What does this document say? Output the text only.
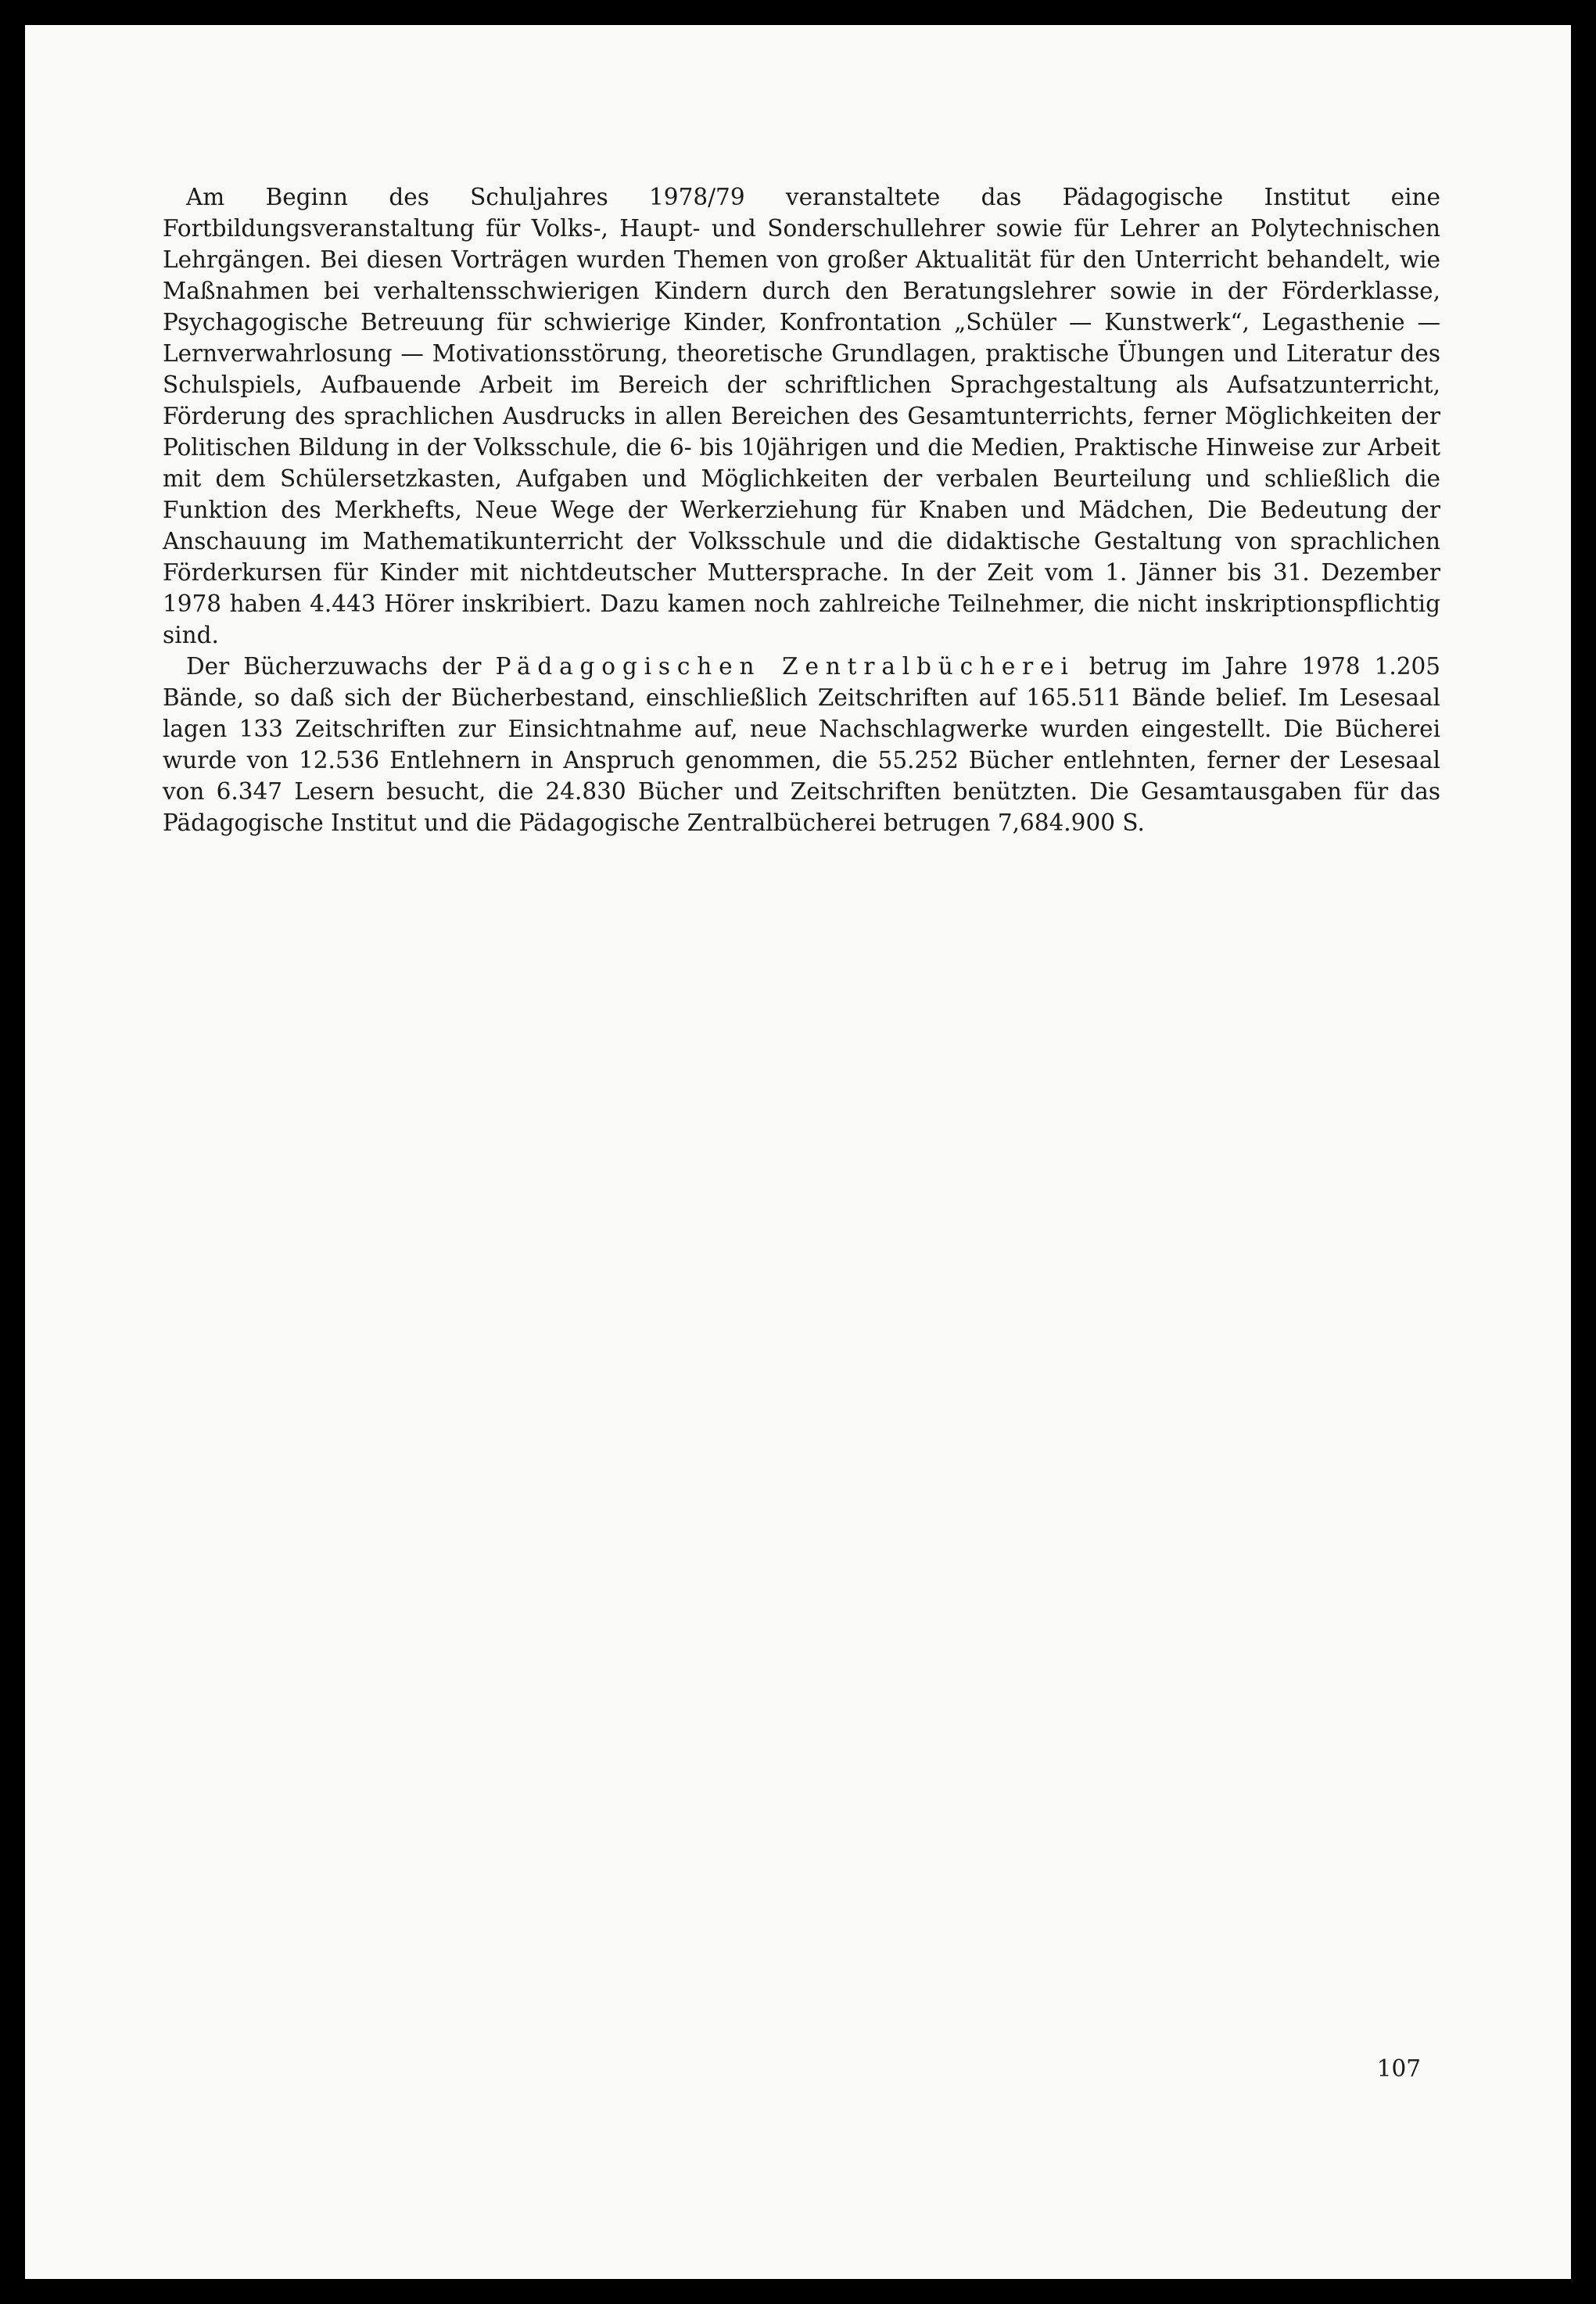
Am Beginn des Schuljahres 1978/79 veranstaltete das Pädagogische Institut eine Fortbildungsveranstaltung für Volks-, Haupt- und Sonderschullehrer sowie für Lehrer an Polytechnischen Lehrgängen. Bei diesen Vorträgen wurden Themen von großer Aktualität für den Unterricht behandelt, wie Maßnahmen bei verhaltensschwierigen Kindern durch den Beratungslehrer sowie in der Förderklasse, Psychagogische Betreuung für schwierige Kinder, Konfrontation „Schüler — Kunstwerk“, Legasthenie — Lernverwahrlosung — Motivationsstörung, theoretische Grundlagen, praktische Übungen und Literatur des Schulspiels, Aufbauende Arbeit im Bereich der schriftlichen Sprachgestaltung als Aufsatzunterricht, Förderung des sprachlichen Ausdrucks in allen Bereichen des Gesamtunterrichts, ferner Möglichkeiten der Politischen Bildung in der Volksschule, die 6- bis 10jährigen und die Medien, Praktische Hinweise zur Arbeit mit dem Schülersetzkasten, Aufgaben und Möglichkeiten der verbalen Beurteilung und schließlich die Funktion des Merkhefts, Neue Wege der Werkerziehung für Knaben und Mädchen, Die Bedeutung der Anschauung im Mathematikunterricht der Volksschule und die didaktische Gestaltung von sprachlichen Förderkursen für Kinder mit nichtdeutscher Muttersprache. In der Zeit vom 1. Jänner bis 31. Dezember 1978 haben 4.443 Hörer inskribiert. Dazu kamen noch zahlreiche Teilnehmer, die nicht inskriptionspflichtig sind.

Der Bücherzuwachs der Pädagogischen Zentralbücherei betrug im Jahre 1978 1.205 Bände, so daß sich der Bücherbestand, einschließlich Zeitschriften auf 165.511 Bände belief. Im Lesesaal lagen 133 Zeitschriften zur Einsichtnahme auf, neue Nachschlagwerke wurden eingestellt. Die Bücherei wurde von 12.536 Entlehnern in Anspruch genommen, die 55.252 Bücher entlehnten, ferner der Lesesaal von 6.347 Lesern besucht, die 24.830 Bücher und Zeitschriften benützten. Die Gesamtausgaben für das Pädagogische Institut und die Pädagogische Zentralbücherei betrugen 7,684.900 S.

107
